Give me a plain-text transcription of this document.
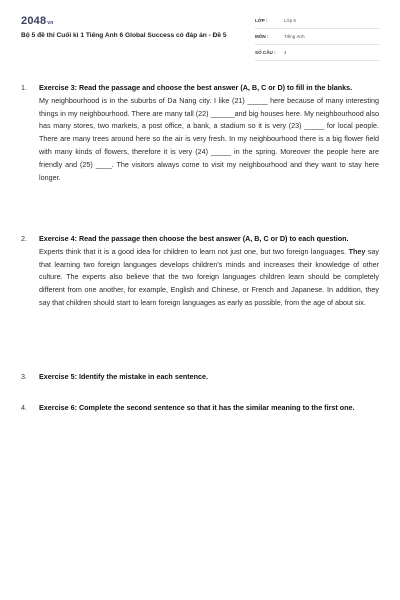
2048vn
Bộ 5 đề thi Cuối kì 1 Tiếng Anh 6 Global Success có đáp án - Đề 5
LỚP :	Lớp 6
MÔN :	Tiếng Anh
SỐ CÂU :	4
1. Exercise 3: Read the passage and choose the best answer (A, B, C or D) to fill in the blanks.
My neighbourhood is in the suburbs of Da Nang city. I like (21) _____ here because of many interesting things in my neighbourhood. There are many tall (22) ______and big houses here. My neighbourhood also has many stores, two markets, a post office, a bank, a stadium so it is very (23) _____ for local people. There are many trees around here so the air is very fresh. In my neighbourhood there is a big flower field with many kinds of flowers, therefore it is very (24) _____ in the spring. Moreover the people here are friendly and (25) ____. The visitors always come to visit my neighbourhood and they want to stay here longer.
2. Exercise 4: Read the passage then choose the best answer (A, B, C or D) to each question.
Experts think that it is a good idea for children to learn not just one, but two foreign languages. They say that learning two foreign languages develops children's minds and increases their knowledge of other culture. The experts also believe that the two foreign languages children learn should be completely different from one another, for example, English and Chinese, or French and Japanese. In addition, they say that children should start to learn foreign languages as early as possible, from the age of about six.
3. Exercise 5: Identify the mistake in each sentence.
4. Exercise 6: Complete the second sentence so that it has the similar meaning to the first one.
